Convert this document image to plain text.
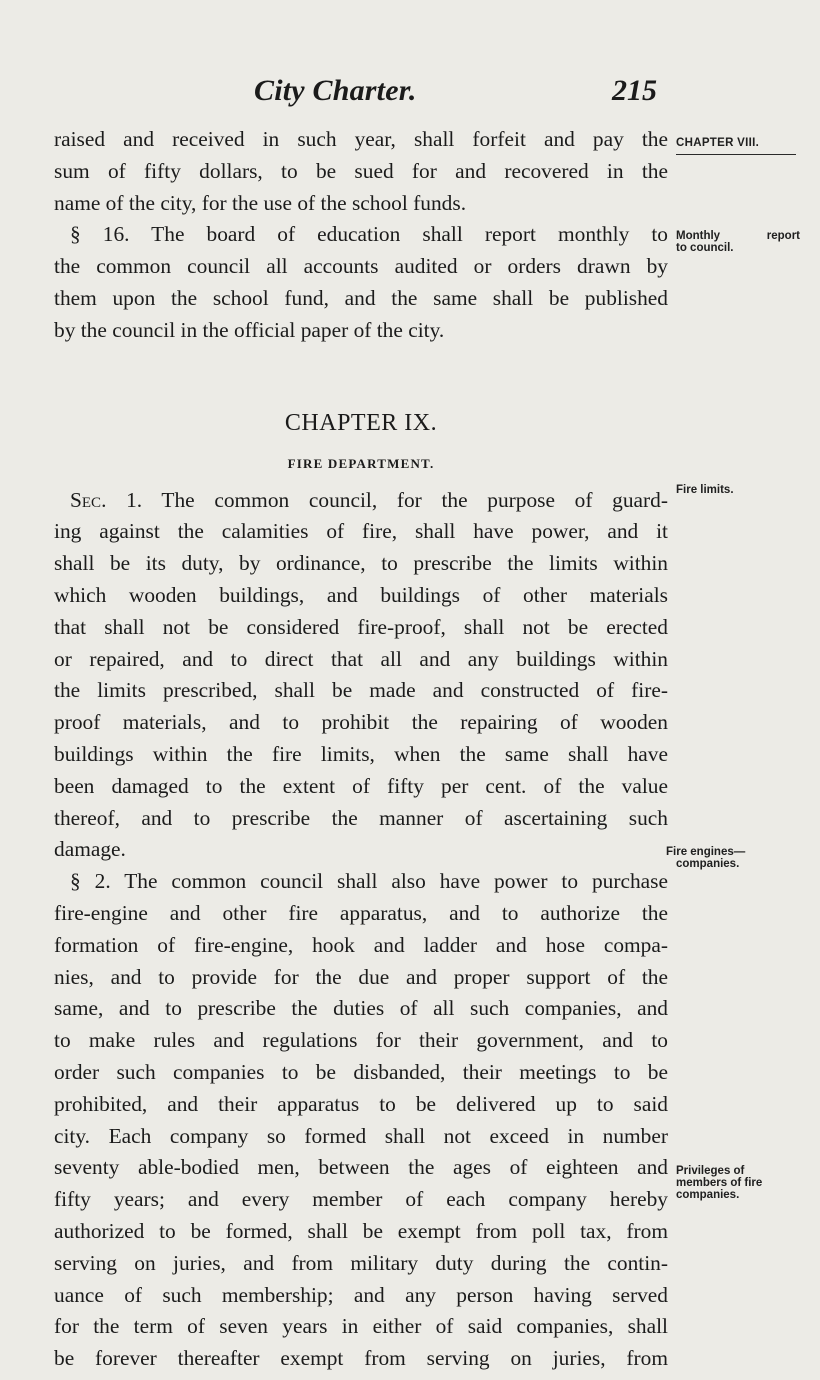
City Charter.	215
raised and received in such year, shall forfeit and pay the
sum of fifty dollars, to be sued for and recovered in the
name of the city, for the use of the school funds.
§ 16. The board of education shall report monthly to
the common council all accounts audited or orders drawn by
them upon the school fund, and the same shall be published
by the council in the official paper of the city.
CHAPTER IX.
FIRE DEPARTMENT.
Sec. 1. The common council, for the purpose of guard-
ing against the calamities of fire, shall have power, and it
shall be its duty, by ordinance, to prescribe the limits within
which wooden buildings, and buildings of other materials
that shall not be considered fire-proof, shall not be erected
or repaired, and to direct that all and any buildings within
the limits prescribed, shall be made and constructed of fire-
proof materials, and to prohibit the repairing of wooden
buildings within the fire limits, when the same shall have
been damaged to the extent of fifty per cent. of the value
thereof, and to prescribe the manner of ascertaining such
damage.
§ 2. The common council shall also have power to purchase
fire-engine and other fire apparatus, and to authorize the
formation of fire-engine, hook and ladder and hose compa-
nies, and to provide for the due and proper support of the
same, and to prescribe the duties of all such companies, and
to make rules and regulations for their government, and to
order such companies to be disbanded, their meetings to be
prohibited, and their apparatus to be delivered up to said
city. Each company so formed shall not exceed in number
seventy able-bodied men, between the ages of eighteen and
fifty years; and every member of each company hereby
authorized to be formed, shall be exempt from poll tax, from
serving on juries, and from military duty during the contin-
uance of such membership; and any person having served
for the term of seven years in either of said companies, shall
be forever thereafter exempt from serving on juries, from
CHAPTER VIII.
Monthly report
to council.
Fire limits.
Fire engines—
companies.
Privileges of
members of fire
companies.
